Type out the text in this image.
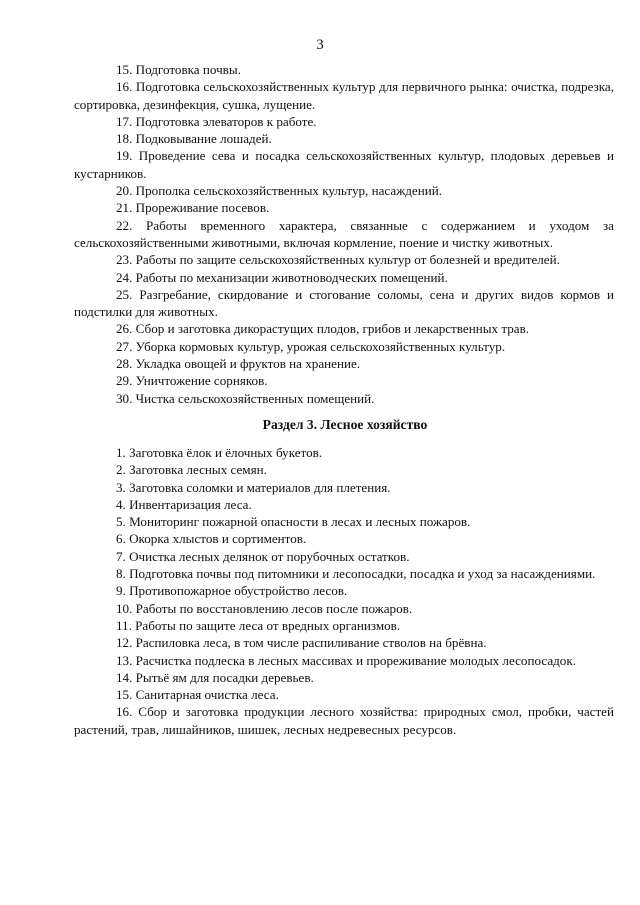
3

15. Подготовка почвы.

16. Подготовка сельскохозяйственных культур для первичного рынка: очистка, подрезка, сортировка, дезинфекция, сушка, лущение.

17. Подготовка элеваторов к работе.

18. Подковывание лошадей.

19. Проведение сева и посадка сельскохозяйственных культур, плодовых деревьев и кустарников.

20. Прополка сельскохозяйственных культур, насаждений.

21. Прореживание посевов.

22. Работы временного характера, связанные с содержанием и уходом за сельскохозяйственными животными, включая кормление, поение и чистку животных.

23. Работы по защите сельскохозяйственных культур от болезней и вредителей.

24. Работы по механизации животноводческих помещений.

25. Разгребание, скирдование и стогование соломы, сена и других видов кормов и подстилки для животных.

26. Сбор и заготовка дикорастущих плодов, грибов и лекарственных трав.

27. Уборка кормовых культур, урожая сельскохозяйственных культур.

28. Укладка овощей и фруктов на хранение.

29. Уничтожение сорняков.

30. Чистка сельскохозяйственных помещений.

Раздел 3. Лесное хозяйство

1. Заготовка ёлок и ёлочных букетов.

2. Заготовка лесных семян.

3. Заготовка соломки и материалов для плетения.

4. Инвентаризация леса.

5. Мониторинг пожарной опасности в лесах и лесных пожаров.

6. Окорка хлыстов и сортиментов.

7. Очистка лесных делянок от порубочных остатков.

8. Подготовка почвы под питомники и лесопосадки, посадка и уход за насаждениями.

9. Противопожарное обустройство лесов.

10. Работы по восстановлению лесов после пожаров.

11. Работы по защите леса от вредных организмов.

12. Распиловка леса, в том числе распиливание стволов на брёвна.

13. Расчистка подлеска в лесных массивах и прореживание молодых лесопосадок.

14. Рытьё ям для посадки деревьев.

15. Санитарная очистка леса.

16. Сбор и заготовка продукции лесного хозяйства: природных смол, пробки, частей растений, трав, лишайников, шишек, лесных недревесных ресурсов.
